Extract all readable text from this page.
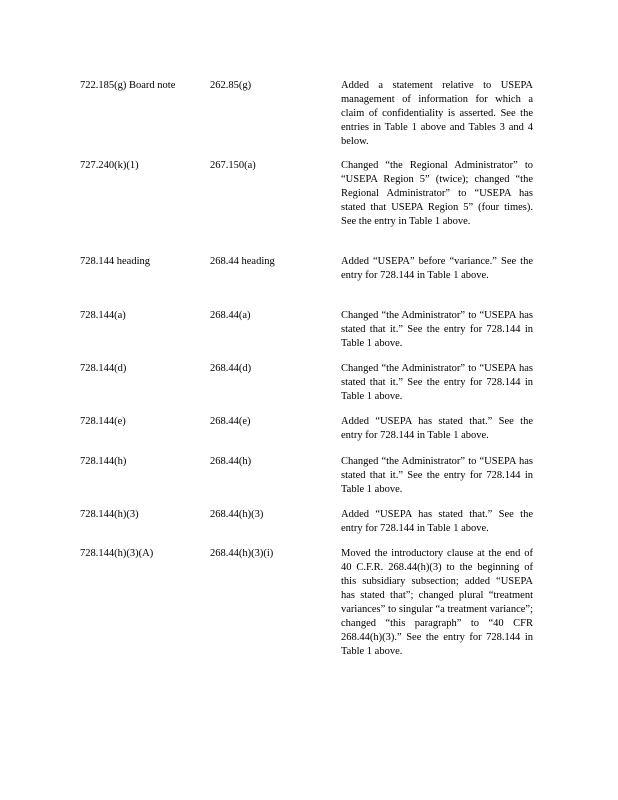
722.185(g) Board note	262.85(g)	Added a statement relative to USEPA management of information for which a claim of confidentiality is asserted. See the entries in Table 1 above and Tables 3 and 4 below.
727.240(k)(1)	267.150(a)	Changed “the Regional Administrator” to “USEPA Region 5” (twice); changed “the Regional Administrator” to “USEPA has stated that USEPA Region 5” (four times). See the entry in Table 1 above.
728.144 heading	268.44 heading	Added “USEPA” before “variance.” See the entry for 728.144 in Table 1 above.
728.144(a)	268.44(a)	Changed “the Administrator” to “USEPA has stated that it.” See the entry for 728.144 in Table 1 above.
728.144(d)	268.44(d)	Changed “the Administrator” to “USEPA has stated that it.” See the entry for 728.144 in Table 1 above.
728.144(e)	268.44(e)	Added “USEPA has stated that.” See the entry for 728.144 in Table 1 above.
728.144(h)	268.44(h)	Changed “the Administrator” to “USEPA has stated that it.” See the entry for 728.144 in Table 1 above.
728.144(h)(3)	268.44(h)(3)	Added “USEPA has stated that.” See the entry for 728.144 in Table 1 above.
728.144(h)(3)(A)	268.44(h)(3)(i)	Moved the introductory clause at the end of 40 C.F.R. 268.44(h)(3) to the beginning of this subsidiary subsection; added “USEPA has stated that”; changed plural “treatment variances” to singular “a treatment variance”; changed “this paragraph” to “40 CFR 268.44(h)(3).” See the entry for 728.144 in Table 1 above.
